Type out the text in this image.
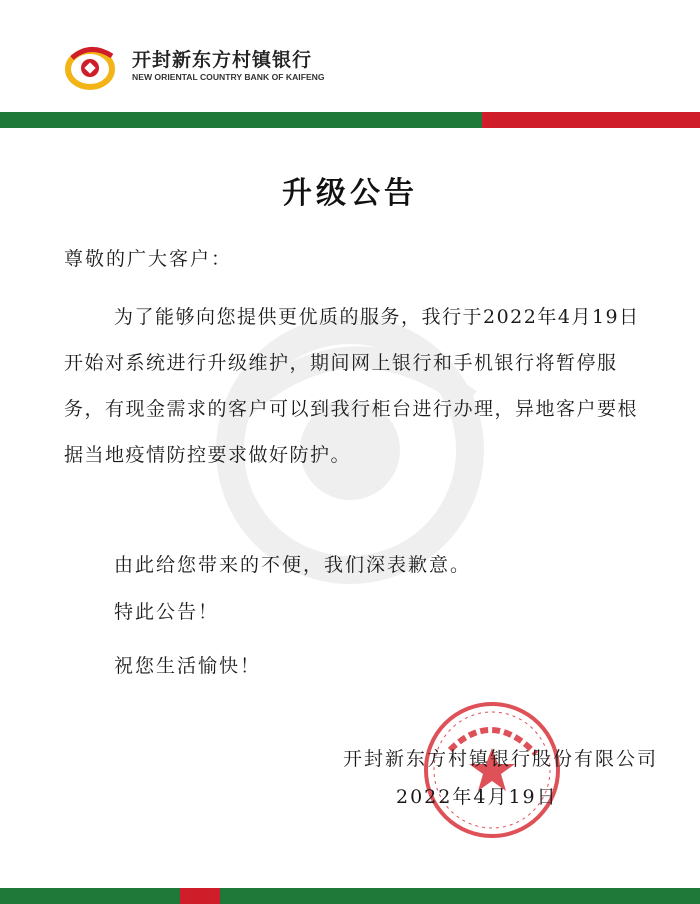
开封新东方村镇银行
NEW ORIENTAL COUNTRY BANK OF KAIFENG
升级公告
尊敬的广大客户：
为了能够向您提供更优质的服务，我行于2022年4月19日开始对系统进行升级维护，期间网上银行和手机银行将暂停服务，有现金需求的客户可以到我行柜台进行办理，异地客户要根据当地疫情防控要求做好防护。
由此给您带来的不便，我们深表歉意。
特此公告！
祝您生活愉快！
开封新东方村镇银行股份有限公司
2022年4月19日
